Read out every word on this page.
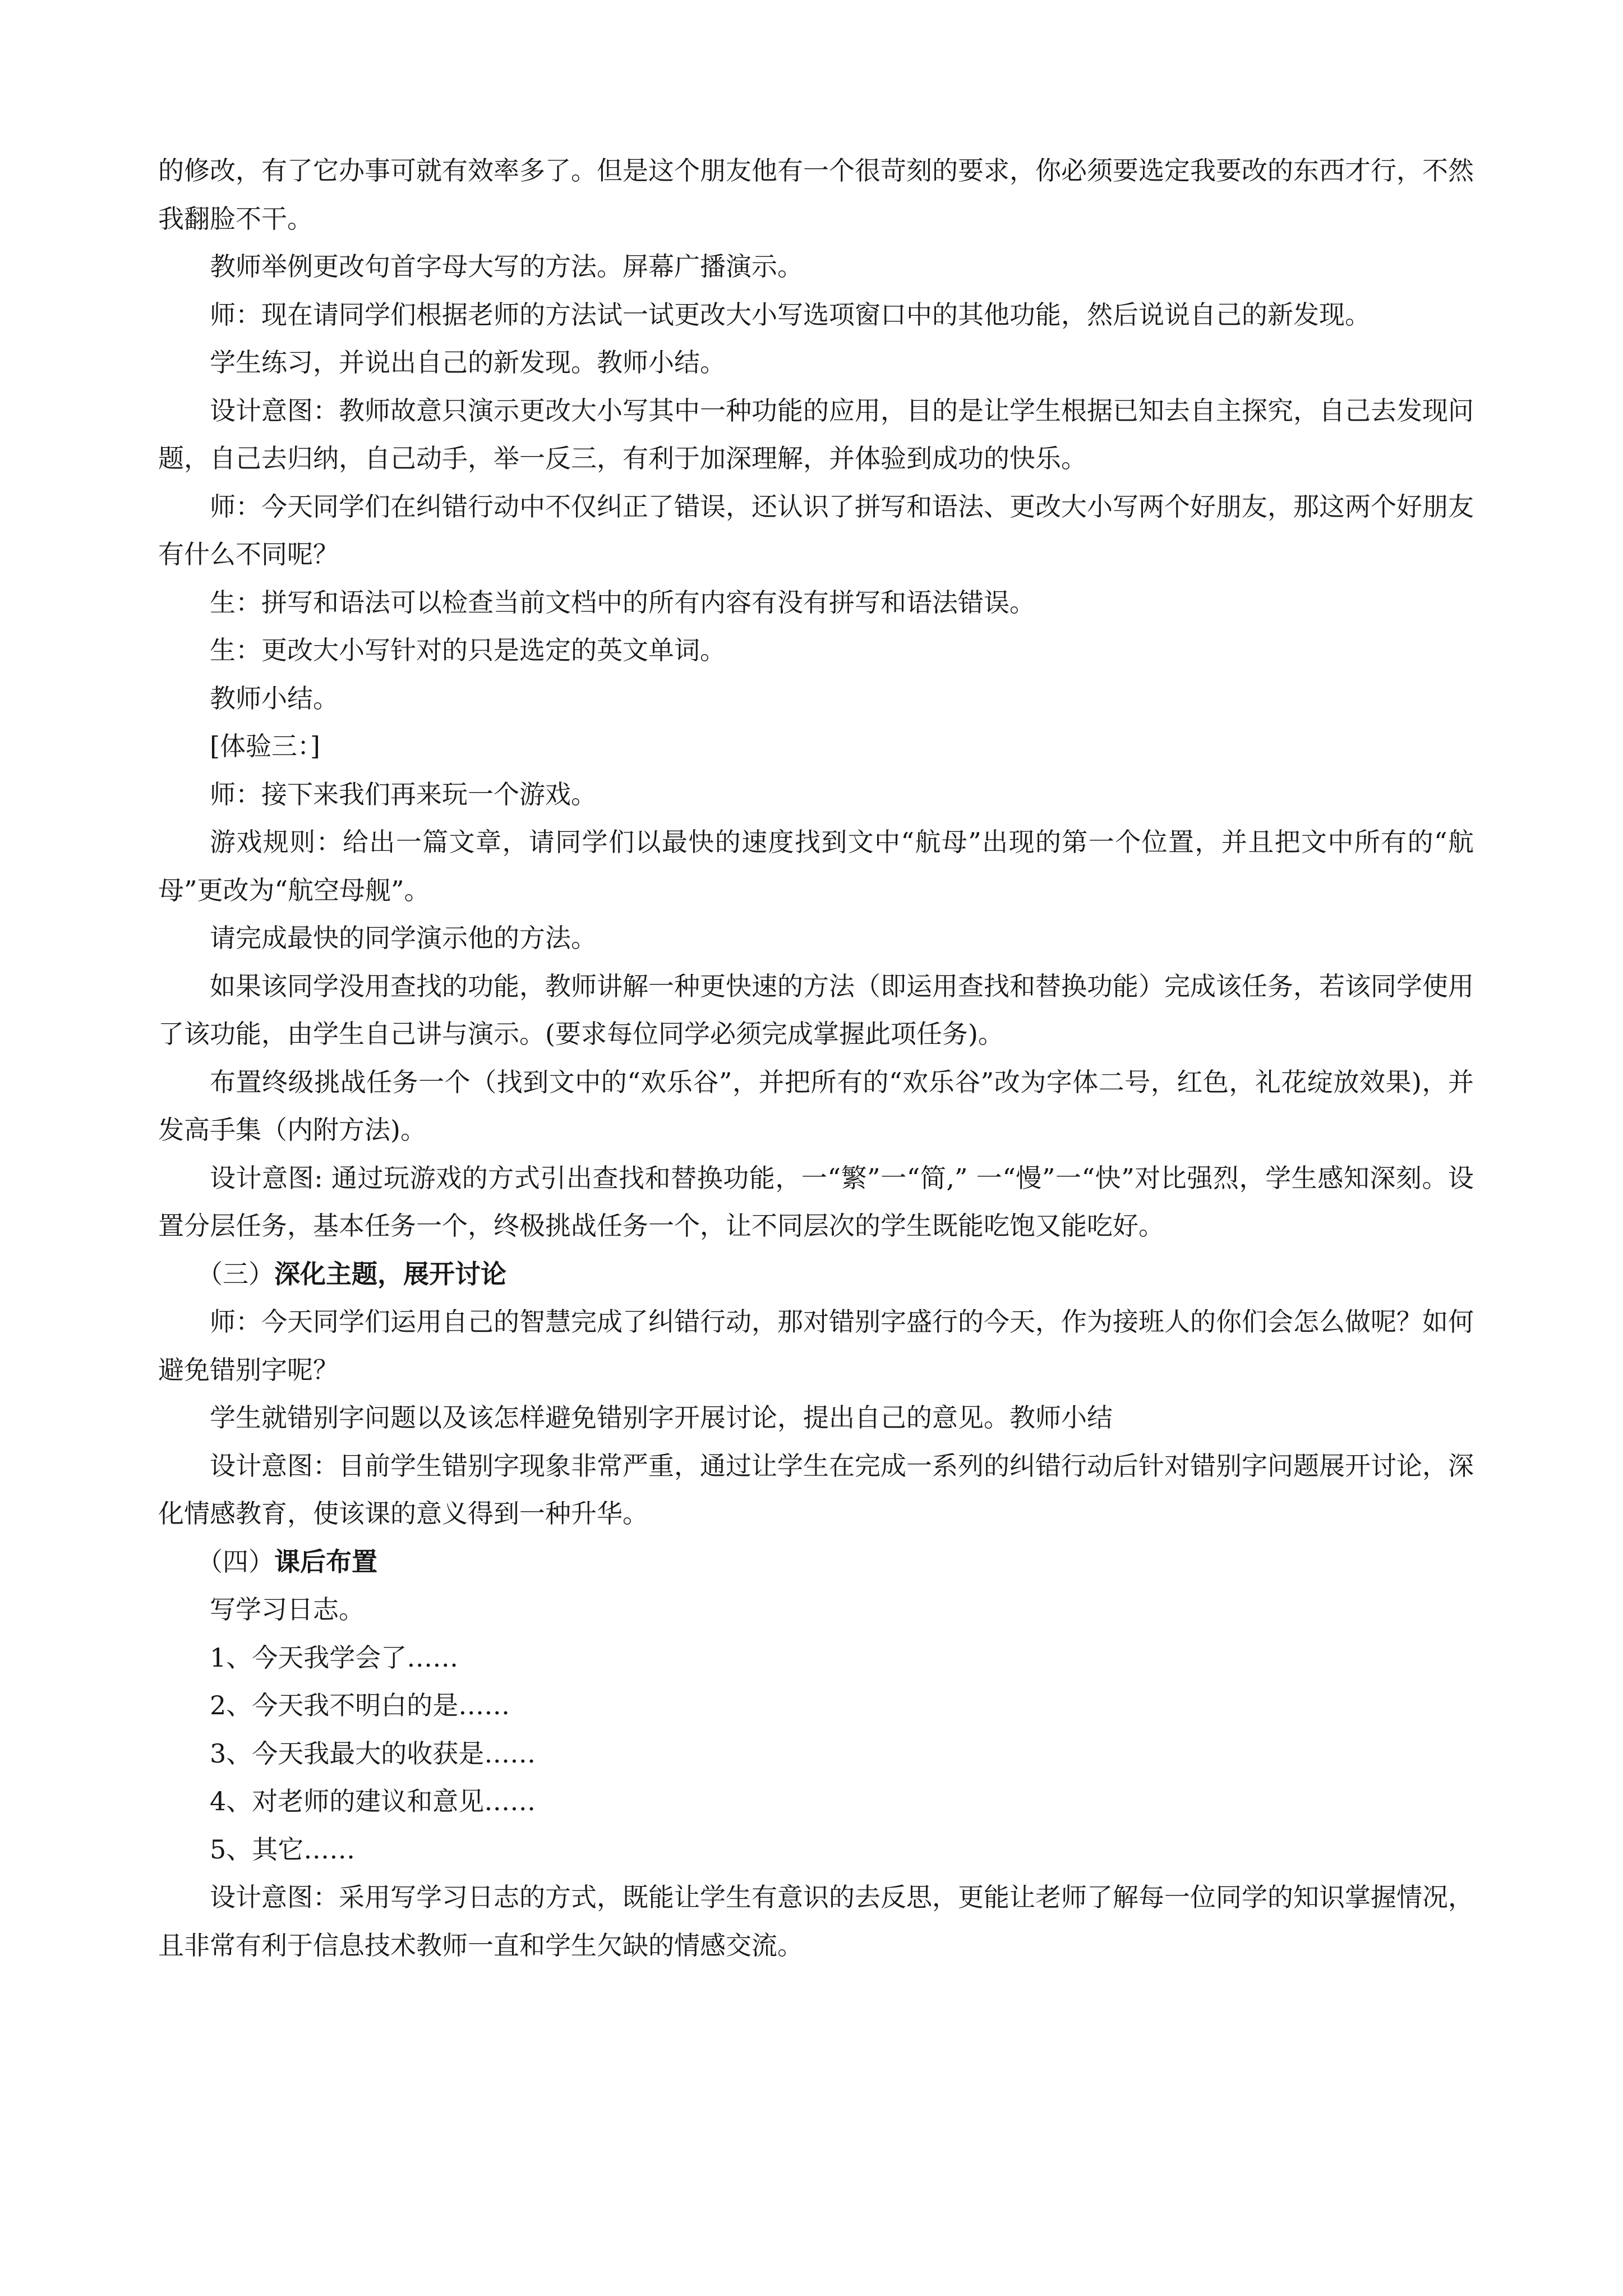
的修改，有了它办事可就有效率多了。但是这个朋友他有一个很苛刻的要求，你必须要选定我要改的东西才行，不然我翻脸不干。

教师举例更改句首字母大写的方法。屏幕广播演示。

师：现在请同学们根据老师的方法试一试更改大小写选项窗口中的其他功能，然后说说自己的新发现。

学生练习，并说出自己的新发现。教师小结。

设计意图：教师故意只演示更改大小写其中一种功能的应用，目的是让学生根据已知去自主探究，自己去发现问题，自己去归纳，自己动手，举一反三，有利于加深理解，并体验到成功的快乐。

师：今天同学们在纠错行动中不仅纠正了错误，还认识了拼写和语法、更改大小写两个好朋友，那这两个好朋友有什么不同呢？

生：拼写和语法可以检查当前文档中的所有内容有没有拼写和语法错误。

生：更改大小写针对的只是选定的英文单词。

教师小结。

[体验三：]

师：接下来我们再来玩一个游戏。

游戏规则：给出一篇文章，请同学们以最快的速度找到文中“航母”出现的第一个位置，并且把文中所有的“航母”更改为“航空母舰”。

请完成最快的同学演示他的方法。

如果该同学没用查找的功能，教师讲解一种更快速的方法（即运用查找和替换功能）完成该任务，若该同学使用了该功能，由学生自己讲与演示。(要求每位同学必须完成掌握此项任务)。

布置终级挑战任务一个（找到文中的“欢乐谷”，并把所有的“欢乐谷”改为字体二号，红色，礼花绽放效果)，并发高手集（内附方法)。

设计意图: 通过玩游戏的方式引出查找和替换功能，一“繁”一“简,” 一“慢”一“快”对比强烈，学生感知深刻。设置分层任务，基本任务一个，终极挑战任务一个，让不同层次的学生既能吃饱又能吃好。

（三）深化主题，展开讨论

师：今天同学们运用自己的智慧完成了纠错行动，那对错别字盛行的今天，作为接班人的你们会怎么做呢？如何避免错别字呢？

学生就错别字问题以及该怎样避免错别字开展讨论，提出自己的意见。教师小结

设计意图：目前学生错别字现象非常严重，通过让学生在完成一系列的纠错行动后针对错别字问题展开讨论，深化情感教育，使该课的意义得到一种升华。

（四）课后布置

写学习日志。

1、今天我学会了……

2、今天我不明白的是……

3、今天我最大的收获是……

4、对老师的建议和意见……

5、其它……

设计意图：采用写学习日志的方式，既能让学生有意识的去反思，更能让老师了解每一位同学的知识掌握情况，且非常有利于信息技术教师一直和学生欠缺的情感交流。
